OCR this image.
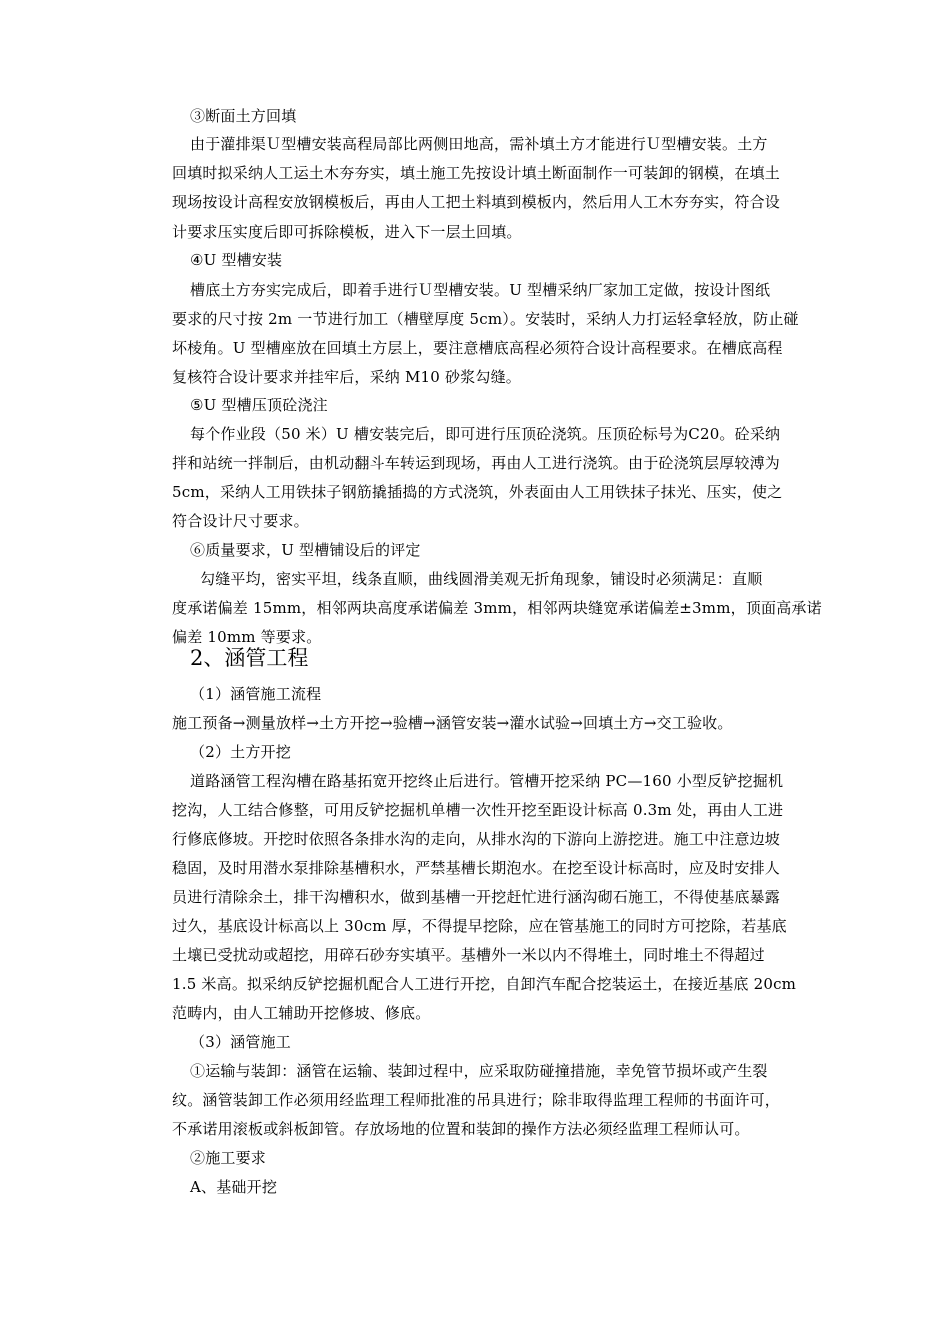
③断面土方回填
由于灌排渠Ｕ型槽安装高程局部比两侧田地高，需补填土方才能进行Ｕ型槽安装。土方
回填时拟采纳人工运土木夯夯实，填土施工先按设计填土断面制作一可装卸的钢模，在填土
现场按设计高程安放钢模板后，再由人工把土料填到模板内，然后用人工木夯夯实，符合设
计要求压实度后即可拆除模板，进入下一层土回填。
④U 型槽安装
槽底土方夯实完成后，即着手进行Ｕ型槽安装。U 型槽采纳厂家加工定做，按设计图纸
要求的尺寸按 2m 一节进行加工（槽壁厚度 5cm）。安装时，采纳人力打运轻拿轻放，防止碰
坏棱角。U 型槽座放在回填土方层上，要注意槽底高程必须符合设计高程要求。在槽底高程
复核符合设计要求并挂牢后，采纳 M10 砂浆勾缝。
⑤U 型槽压顶砼浇注
每个作业段（50 米）U 槽安装完后，即可进行压顶砼浇筑。压顶砼标号为C20。砼采纳
拌和站统一拌制后，由机动翻斗车转运到现场，再由人工进行浇筑。由于砼浇筑层厚较溥为
5cm，采纳人工用铁抹子钢筋撬插捣的方式浇筑，外表面由人工用铁抹子抹光、压实，使之
符合设计尺寸要求。
⑥质量要求，U 型槽铺设后的评定
勾缝平均，密实平坦，线条直顺，曲线圆滑美观无折角现象，铺设时必须满足：直顺
度承诺偏差 15mm，相邻两块高度承诺偏差 3mm，相邻两块缝宽承诺偏差±3mm，顶面高承诺
偏差 10mm 等要求。
2、涵管工程
（1）涵管施工流程
施工预备→测量放样→土方开挖→验槽→涵管安装→灌水试验→回填土方→交工验收。
（2）土方开挖
道路涵管工程沟槽在路基拓宽开挖终止后进行。管槽开挖采纳 PC—160 小型反铲挖掘机
挖沟，人工结合修整，可用反铲挖掘机单槽一次性开挖至距设计标高 0.3m 处，再由人工进
行修底修坡。开挖时依照各条排水沟的走向，从排水沟的下游向上游挖进。施工中注意边坡
稳固，及时用潜水泵排除基槽积水，严禁基槽长期泡水。在挖至设计标高时，应及时安排人
员进行清除余土，排干沟槽积水，做到基槽一开挖赶忙进行涵沟砌石施工，不得使基底暴露
过久，基底设计标高以上 30cm 厚，不得提早挖除，应在管基施工的同时方可挖除，若基底
土壤已受扰动或超挖，用碎石砂夯实填平。基槽外一米以内不得堆土，同时堆土不得超过
1.5 米高。拟采纳反铲挖掘机配合人工进行开挖，自卸汽车配合挖装运土，在接近基底 20cm
范畴内，由人工辅助开挖修坡、修底。
（3）涵管施工
①运输与装卸：涵管在运输、装卸过程中，应采取防碰撞措施，幸免管节损坏或产生裂
纹。涵管装卸工作必须用经监理工程师批准的吊具进行；除非取得监理工程师的书面许可，
不承诺用滚板或斜板卸管。存放场地的位置和装卸的操作方法必须经监理工程师认可。
②施工要求
A、基础开挖
